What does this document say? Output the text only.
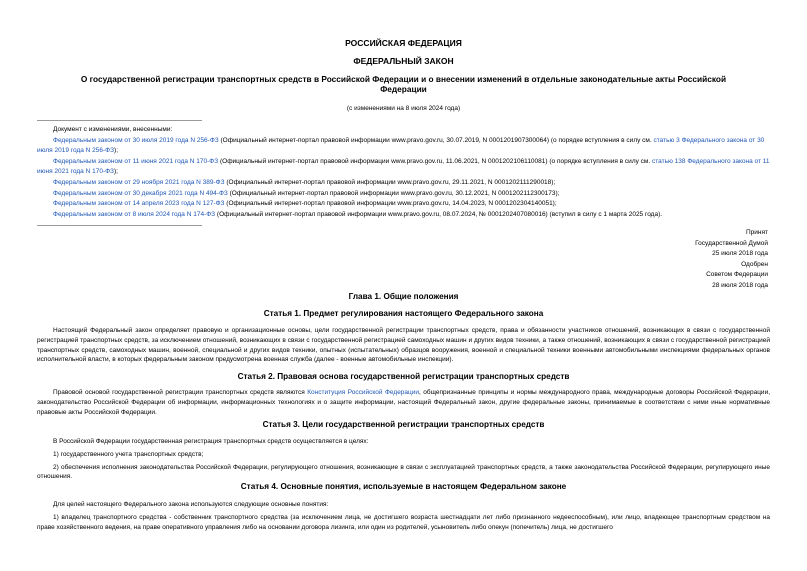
РОССИЙСКАЯ ФЕДЕРАЦИЯ
ФЕДЕРАЛЬНЫЙ ЗАКОН
О государственной регистрации транспортных средств в Российской Федерации и о внесении изменений в отдельные законодательные акты Российской Федерации
(с изменениями на 8 июля 2024 года)

Документ с изменениями, внесенными:

Федеральным законом от 30 июля 2019 года N 256-ФЗ (Официальный интернет-портал правовой информации www.pravo.gov.ru, 30.07.2019, N 0001201907300064) (о порядке вступления в силу см. статью 3 Федерального закона от 30 июля 2019 года N 256-ФЗ);

Федеральным законом от 11 июня 2021 года N 170-ФЗ (Официальный интернет-портал правовой информации www.pravo.gov.ru, 11.06.2021, N 0001202106110081) (о порядке вступления в силу см. статью 138 Федерального закона от 11 июня 2021 года N 170-ФЗ);

Федеральным законом от 29 ноября 2021 года N 389-ФЗ (Официальный интернет-портал правовой информации www.pravo.gov.ru, 29.11.2021, N 0001202111290018);

Федеральным законом от 30 декабря 2021 года N 494-ФЗ (Официальный интернет-портал правовой информации www.pravo.gov.ru, 30.12.2021, N 0001202112300173);

Федеральным законом от 14 апреля 2023 года N 127-ФЗ (Официальный интернет-портал правовой информации www.pravo.gov.ru, 14.04.2023, N 0001202304140051);

Федеральным законом от 8 июля 2024 года N 174-ФЗ (Официальный интернет-портал правовой информации www.pravo.gov.ru, 08.07.2024, № 0001202407080016) (вступил в силу с 1 марта 2025 года).

Принят
Государственной Думой
25 июля 2018 года
Одобрен
Советом Федерации
28 июля 2018 года
Глава 1. Общие положения
Статья 1. Предмет регулирования настоящего Федерального закона

Настоящий Федеральный закон определяет правовую и организационные основы, цели государственной регистрации транспортных средств, права и обязанности участников отношений, возникающих в связи с государственной регистрацией транспортных средств, за исключением отношений, возникающих в связи с государственной регистрацией самоходных машин и других видов техники, а также отношений, возникающих в связи с государственной регистрацией транспортных средств, самоходных машин, военной, специальной и других видов техники, опытных (испытательных) образцов вооружения, военной и специальной техники военными автомобильными инспекциями федеральных органов исполнительной власти, в которых федеральным законом предусмотрена военная служба (далее - военные автомобильные инспекции).

Статья 2. Правовая основа государственной регистрации транспортных средств

Правовой основой государственной регистрации транспортных средств являются Конституция Российской Федерации, общепризнанные принципы и нормы международного права, международные договоры Российской Федерации, законодательство Российской Федерации об информации, информационных технологиях и о защите информации, настоящий Федеральный закон, другие федеральные законы, принимаемые в соответствии с ними иные нормативные правовые акты Российской Федерации.

Статья 3. Цели государственной регистрации транспортных средств

В Российской Федерации государственная регистрация транспортных средств осуществляется в целях:

1) государственного учета транспортных средств;

2) обеспечения исполнения законодательства Российской Федерации, регулирующего отношения, возникающие в связи с эксплуатацией транспортных средств, а также законодательства Российской Федерации, регулирующего иные отношения.

Статья 4. Основные понятия, используемые в настоящем Федеральном законе

Для целей настоящего Федерального закона используются следующие основные понятия:

1) владелец транспортного средства - собственник транспортного средства (за исключением лица, не достигшего возраста шестнадцати лет либо признанного недееспособным), или лицо, владеющее транспортным средством на праве хозяйственного ведения, на праве оперативного управления либо на основании договора лизинга, или один из родителей, усыновитель либо опекун (попечитель) лица, не достигшего
